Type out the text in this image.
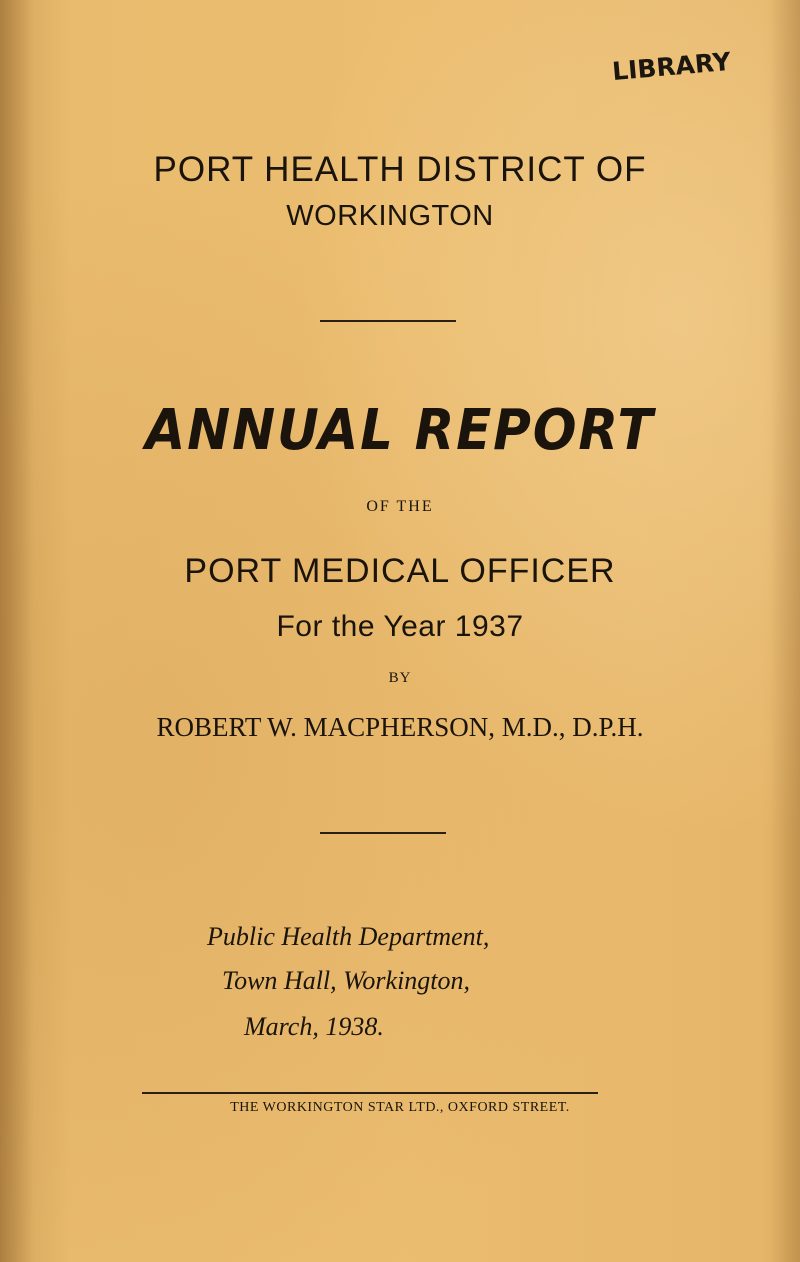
LIBRARY
PORT HEALTH DISTRICT OF
WORKINGTON
ANNUAL REPORT
OF THE
PORT MEDICAL OFFICER
For the Year 1937
BY
ROBERT W. MACPHERSON, M.D., D.P.H.
Public Health Department,
Town Hall, Workington,
March, 1938.
THE WORKINGTON STAR LTD., OXFORD STREET.
